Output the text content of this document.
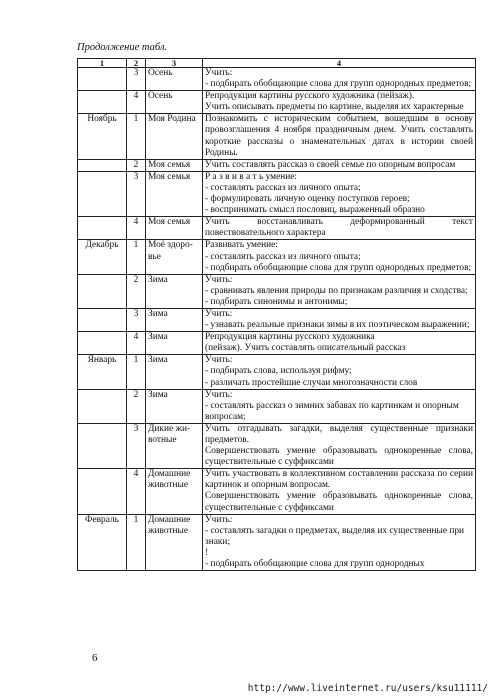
Продолжение табл.
1	2	3	4
	3	Осень	Учить:
- подбирать обобщающие слова для групп однородных предметов;

	4	Осень	Репродукция картины русского художника (пейзаж).
Учить описывать предметы по картине, выделяя их характерные

Ноябрь	1	Моя Родина	Познакомить с историческим событием, вошедшим в основу провозглашения 4 ноября праздничным днем. Учить составлять короткие рассказы о знаменательных датах в истории своей Родины.

	2	Моя семья	Учить составлять рассказ о своей семье по опорным вопросам

	3	Моя семья	Р а з в и в а т ь умение:
- составлять рассказ из личного опыта;
- формулировать личную оценку поступков героев;
- воспринимать смысл пословиц, выраженный образно

	4	Моя семья	Учить восстанавливать деформированный текст повествовательного характера

Декабрь	1	Моё здоро-
вье	Развивать умение:
- составлять рассказ из личного опыта;
- подбирать обобщающие слова для групп однородных предметов;

	2	Зима	Учить:
- сравнивать явления природы по признакам различия и сходства;
- подбирать синонимы и антонимы;

	3	Зима	Учить:
- узнавать реальные признаки зимы в их поэтическом выражении;

	4	Зима	Репродукция картины русского художника
(пейзаж). Учить составлять описательный рассказ

Январь	1	Зима	Учить:
- подбирать слова, используя рифму;
- различать простейшие случаи многозначности слов

	2	Зима	Учить:
- составлять рассказ о зимних забавах по картинкам и опорным
вопросам;

	3	Дикие жи-
вотные	Учить отгадывать загадки, выделяя существенные признаки предметов.
Совершенствовать умение образовывать однокоренные слова, существительные с суффиксами

	4	Домашние
животные	Учить участвовать в коллективном составлении рассказа по серии картинок и опорным вопросам.
Совершенствовать умение образовывать однокоренные слова, существительные с суффиксами

Февраль	1	Домашние
животные	Учить:
- составлять загадки о предметах, выделяя их существенные при
знаки;
!
- подбирать обобщающие слова для групп однородных
6
http://www.liveinternet.ru/users/ksu11111/
